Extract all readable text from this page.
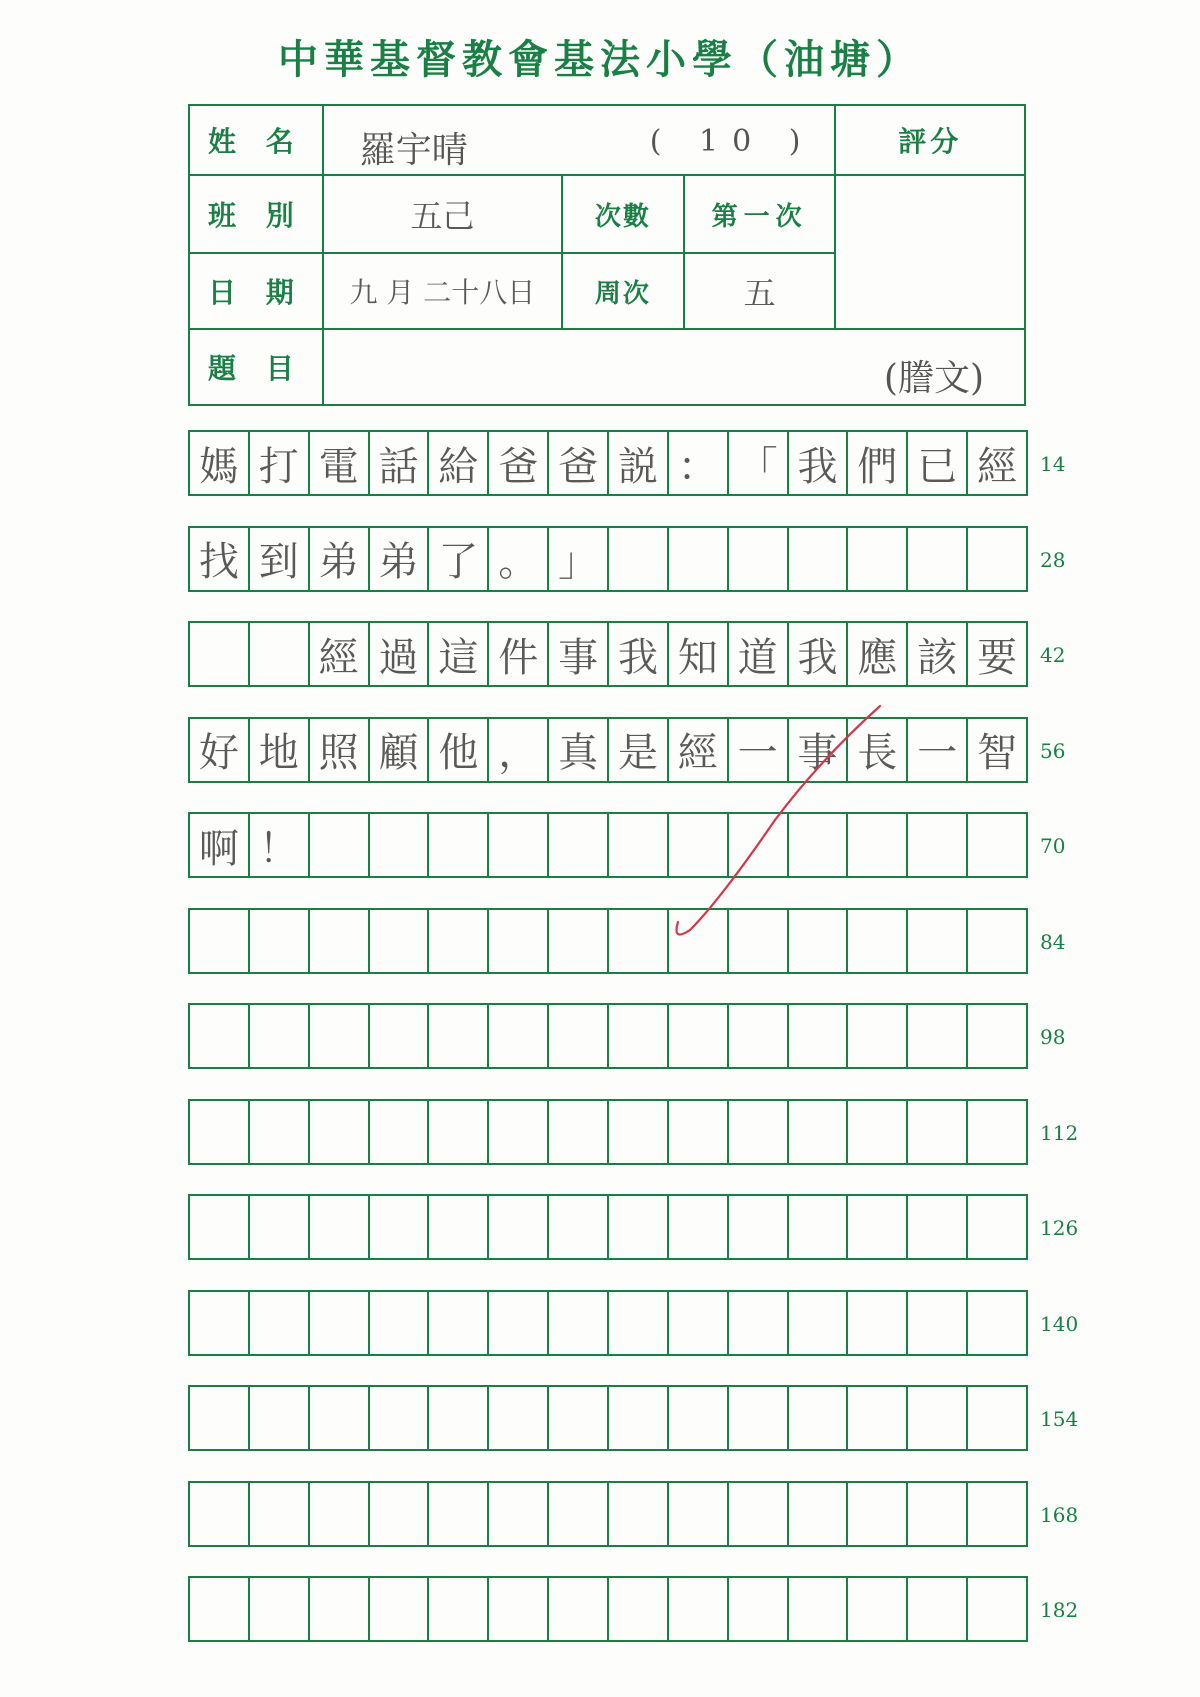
中華基督教會基法小學（油塘）
姓 名	羅宇晴 ( 10 )			評分
班 別	五己	次數	第一次	
日 期	九 月 二十八日	周次	五	
題 目	(謄文)			
媽 打 電 話 給 爸 爸 説 ： 「 我 們 已 經	14
找 到 弟 弟 了 。 」	28
經 過 這 件 事 我 知 道 我 應 該 要	42
好 地 照 顧 他 ， 真 是 經 一 事 長 一 智	56
啊 ！	70
84
98
112
126
140
154
168
182
